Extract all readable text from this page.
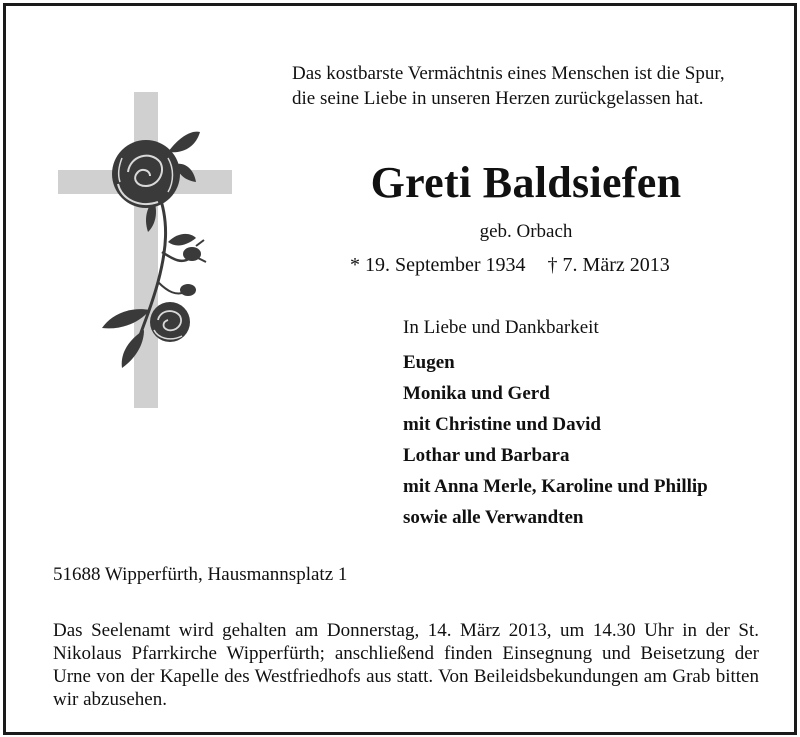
Das kostbarste Vermächtnis eines Menschen ist die Spur,
die seine Liebe in unseren Herzen zurückgelassen hat.
Greti Baldsiefen
geb. Orbach
* 19. September 1934 † 7. März 2013
In Liebe und Dankbarkeit
Eugen
Monika und Gerd
mit Christine und David
Lothar und Barbara
mit Anna Merle, Karoline und Phillip
sowie alle Verwandten
51688 Wipperfürth, Hausmannsplatz 1
Das Seelenamt wird gehalten am Donnerstag, 14. März 2013, um 14.30 Uhr in der St. Nikolaus Pfarrkirche Wipperfürth; anschließend finden Einsegnung und Beisetzung der Urne von der Kapelle des Westfriedhofs aus statt. Von Beileidsbekundungen am Grab bitten wir abzusehen.
